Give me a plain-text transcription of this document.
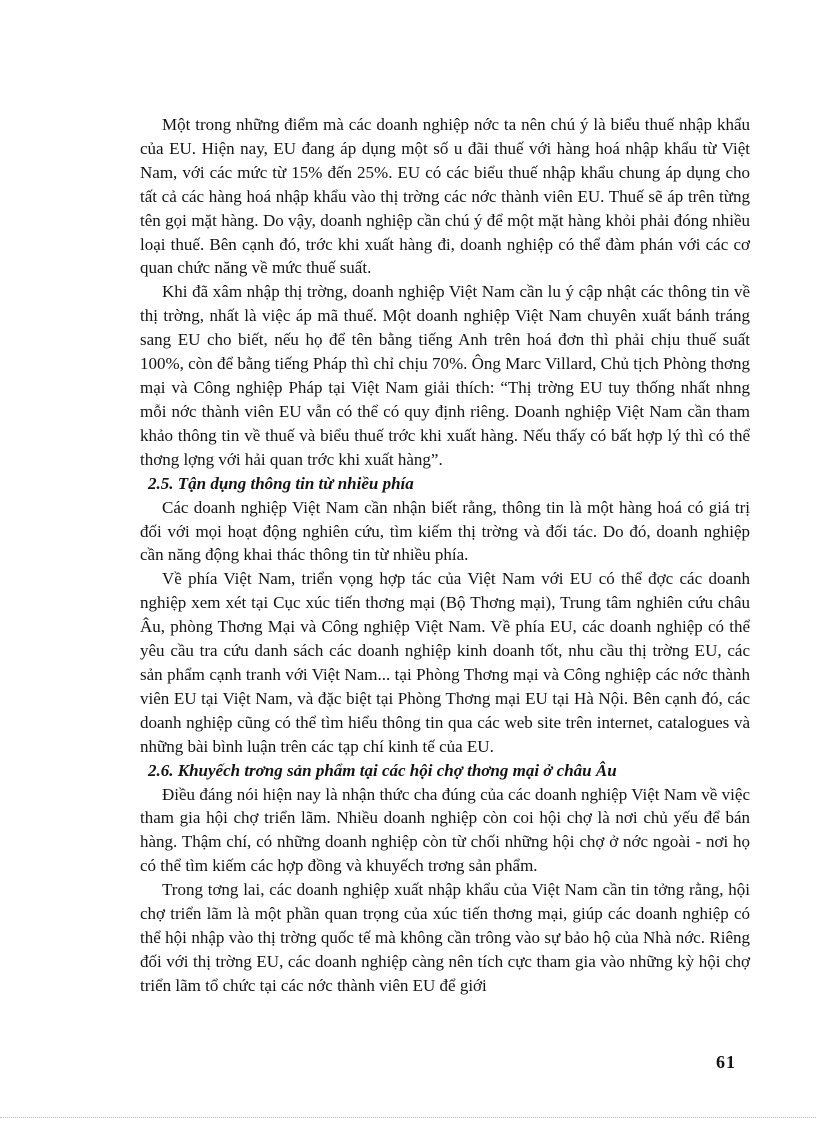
Một trong những điểm mà các doanh nghiệp nớc ta nên chú ý là biểu thuế nhập khẩu của EU. Hiện nay, EU đang áp dụng một số u đãi thuế với hàng hoá nhập khẩu từ Việt Nam, với các mức từ 15% đến 25%. EU có các biểu thuế nhập khẩu chung áp dụng cho tất cả các hàng hoá nhập khẩu vào thị trờng các nớc thành viên EU. Thuế sẽ áp trên từng tên gọi mặt hàng. Do vậy, doanh nghiệp cần chú ý để một mặt hàng khỏi phải đóng nhiều loại thuế. Bên cạnh đó, trớc khi xuất hàng đi, doanh nghiệp có thể đàm phán với các cơ quan chức năng về mức thuế suất.

Khi đã xâm nhập thị trờng, doanh nghiệp Việt Nam cần lu ý cập nhật các thông tin về thị trờng, nhất là việc áp mã thuế. Một doanh nghiệp Việt Nam chuyên xuất bánh tráng sang EU cho biết, nếu họ để tên bằng tiếng Anh trên hoá đơn thì phải chịu thuế suất 100%, còn để bằng tiếng Pháp thì chỉ chịu 70%. Ông Marc Villard, Chủ tịch Phòng thơng mại và Công nghiệp Pháp tại Việt Nam giải thích: “Thị trờng EU tuy thống nhất nhng mỗi nớc thành viên EU vẫn có thể có quy định riêng. Doanh nghiệp Việt Nam cần tham khảo thông tin về thuế và biểu thuế trớc khi xuất hàng. Nếu thấy có bất hợp lý thì có thể thơng lợng với hải quan trớc khi xuất hàng”.

2.5. Tận dụng thông tin từ nhiều phía

Các doanh nghiệp Việt Nam cần nhận biết rằng, thông tin là một hàng hoá có giá trị đối với mọi hoạt động nghiên cứu, tìm kiếm thị trờng và đối tác. Do đó, doanh nghiệp cần năng động khai thác thông tin từ nhiều phía.

Về phía Việt Nam, triển vọng hợp tác của Việt Nam với EU có thể đợc các doanh nghiệp xem xét tại Cục xúc tiến thơng mại (Bộ Thơng mại), Trung tâm nghiên cứu châu Âu, phòng Thơng Mại và Công nghiệp Việt Nam. Về phía EU, các doanh nghiệp có thể yêu cầu tra cứu danh sách các doanh nghiệp kinh doanh tốt, nhu cầu thị trờng EU, các sản phẩm cạnh tranh với Việt Nam... tại Phòng Thơng mại và Công nghiệp các nớc thành viên EU tại Việt Nam, và đặc biệt tại Phòng Thơng mại EU tại Hà Nội. Bên cạnh đó, các doanh nghiệp cũng có thể tìm hiểu thông tin qua các web site trên internet, catalogues và những bài bình luận trên các tạp chí kinh tế của EU.

2.6. Khuyếch trơng sản phẩm tại các hội chợ thơng mại ở châu Âu

Điều đáng nói hiện nay là nhận thức cha đúng của các doanh nghiệp Việt Nam về việc tham gia hội chợ triển lãm. Nhiều doanh nghiệp còn coi hội chợ là nơi chủ yếu để bán hàng. Thậm chí, có những doanh nghiệp còn từ chối những hội chợ ở nớc ngoài - nơi họ có thể tìm kiếm các hợp đồng và khuyếch trơng sản phẩm.

Trong tơng lai, các doanh nghiệp xuất nhập khẩu của Việt Nam cần tin tởng rằng, hội chợ triển lãm là một phần quan trọng của xúc tiến thơng mại, giúp các doanh nghiệp có thể hội nhập vào thị trờng quốc tế mà không cần trông vào sự bảo hộ của Nhà nớc. Riêng đối với thị trờng EU, các doanh nghiệp càng nên tích cực tham gia vào những kỳ hội chợ triển lãm tổ chức tại các nớc thành viên EU để giới

61
